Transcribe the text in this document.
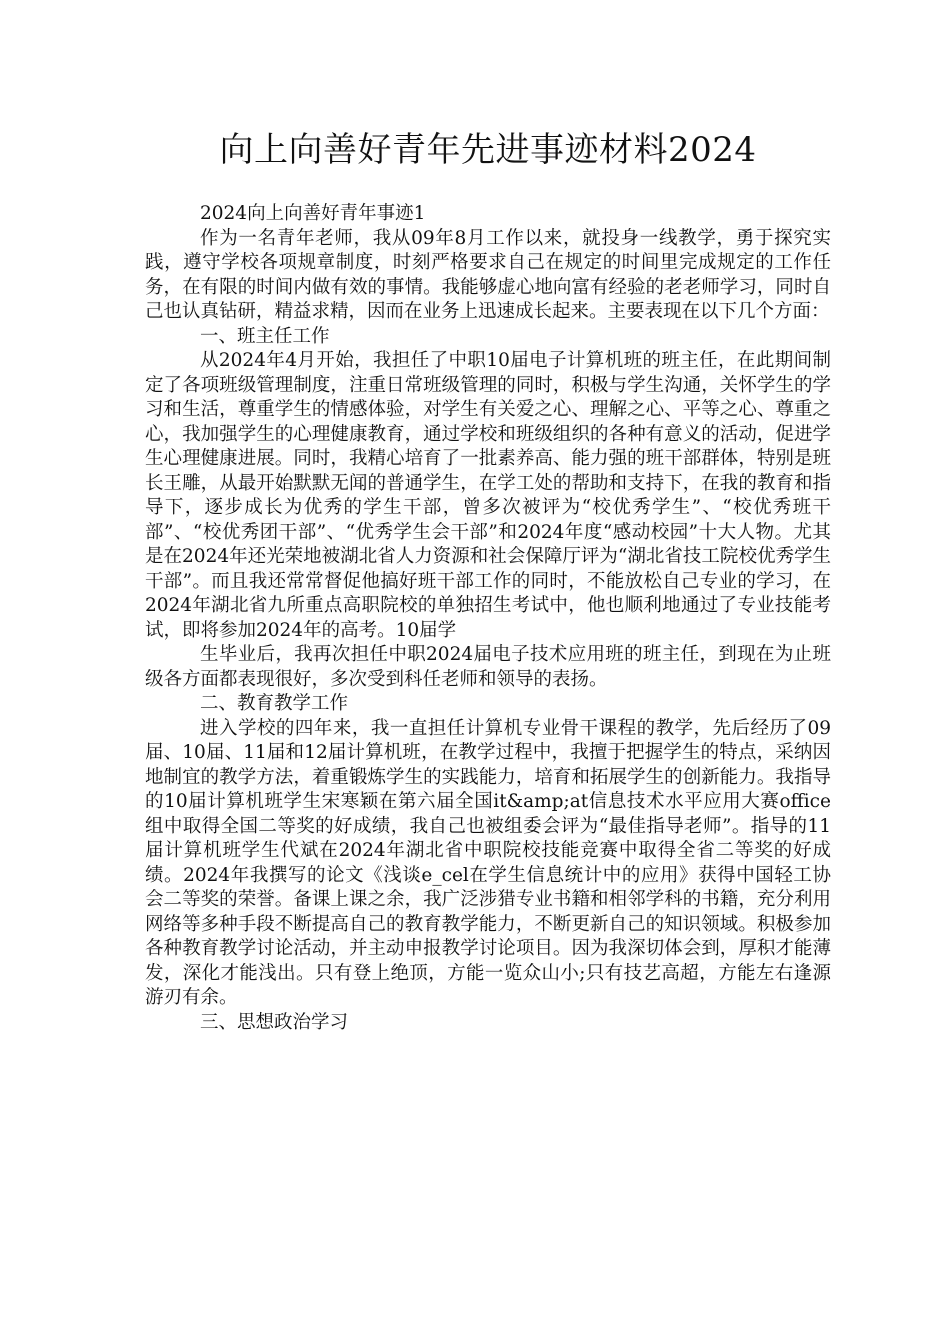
向上向善好青年先进事迹材料2024

2024向上向善好青年事迹1

作为一名青年老师，我从09年8月工作以来，就投身一线教学，勇于探究实践，遵守学校各项规章制度，时刻严格要求自己在规定的时间里完成规定的工作任务，在有限的时间内做有效的事情。我能够虚心地向富有经验的老老师学习，同时自己也认真钻研，精益求精，因而在业务上迅速成长起来。主要表现在以下几个方面：

一、班主任工作

从2024年4月开始，我担任了中职10届电子计算机班的班主任，在此期间制定了各项班级管理制度，注重日常班级管理的同时，积极与学生沟通，关怀学生的学习和生活，尊重学生的情感体验，对学生有关爱之心、理解之心、平等之心、尊重之心，我加强学生的心理健康教育，通过学校和班级组织的各种有意义的活动，促进学生心理健康进展。同时，我精心培育了一批素养高、能力强的班干部群体，特别是班长王雕，从最开始默默无闻的普通学生，在学工处的帮助和支持下，在我的教育和指导下，逐步成长为优秀的学生干部，曾多次被评为“校优秀学生”、“校优秀班干部”、“校优秀团干部”、“优秀学生会干部”和2024年度“感动校园”十大人物。尤其是在2024年还光荣地被湖北省人力资源和社会保障厅评为“湖北省技工院校优秀学生干部”。而且我还常常督促他搞好班干部工作的同时，不能放松自己专业的学习，在2024年湖北省九所重点高职院校的单独招生考试中，他也顺利地通过了专业技能考试，即将参加2024年的高考。10届学

生毕业后，我再次担任中职2024届电子技术应用班的班主任，到现在为止班级各方面都表现很好，多次受到科任老师和领导的表扬。

二、教育教学工作

进入学校的四年来，我一直担任计算机专业骨干课程的教学，先后经历了09届、10届、11届和12届计算机班，在教学过程中，我擅于把握学生的特点，采纳因地制宜的教学方法，着重锻炼学生的实践能力，培育和拓展学生的创新能力。我指导的10届计算机班学生宋寒颖在第六届全国it&amp;at信息技术水平应用大赛office组中取得全国二等奖的好成绩，我自己也被组委会评为“最佳指导老师”。指导的11届计算机班学生代斌在2024年湖北省中职院校技能竞赛中取得全省二等奖的好成绩。2024年我撰写的论文《浅谈e_cel在学生信息统计中的应用》获得中国轻工协会二等奖的荣誉。备课上课之余，我广泛涉猎专业书籍和相邻学科的书籍，充分利用网络等多种手段不断提高自己的教育教学能力，不断更新自己的知识领域。积极参加各种教育教学讨论活动，并主动申报教学讨论项目。因为我深切体会到，厚积才能薄发，深化才能浅出。只有登上绝顶，方能一览众山小;只有技艺高超，方能左右逢源游刃有余。

三、思想政治学习
